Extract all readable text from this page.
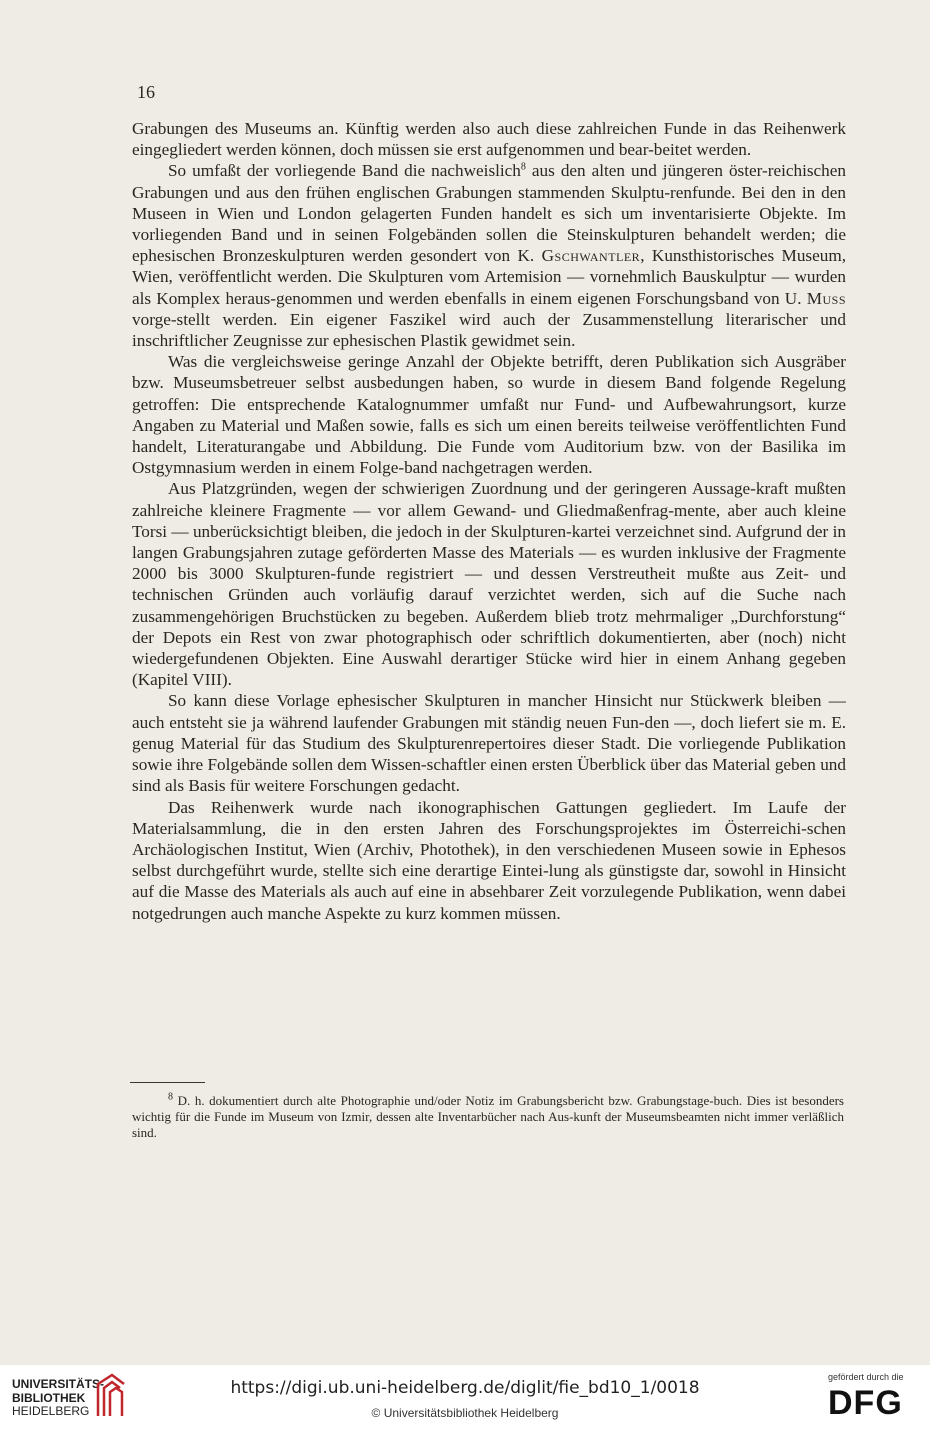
16

Grabungen des Museums an. Künftig werden also auch diese zahlreichen Funde in das Reihenwerk eingegliedert werden können, doch müssen sie erst aufgenommen und bear-beitet werden.

So umfaßt der vorliegende Band die nachweislich$^8$ aus den alten und jüngeren öster-reichischen Grabungen und aus den frühen englischen Grabungen stammenden Skulptu-renfunde. Bei den in den Museen in Wien und London gelagerten Funden handelt es sich um inventarisierte Objekte. Im vorliegenden Band und in seinen Folgebänden sollen die Steinskulpturen behandelt werden; die ephesischen Bronzeskulpturen werden gesondert von K. Gschwantler, Kunsthistorisches Museum, Wien, veröffentlicht werden. Die Skulpturen vom Artemision — vornehmlich Bauskulptur — wurden als Komplex heraus-genommen und werden ebenfalls in einem eigenen Forschungsband von U. Muss vorge-stellt werden. Ein eigener Faszikel wird auch der Zusammenstellung literarischer und inschriftlicher Zeugnisse zur ephesischen Plastik gewidmet sein.

Was die vergleichsweise geringe Anzahl der Objekte betrifft, deren Publikation sich Ausgräber bzw. Museumsbetreuer selbst ausbedungen haben, so wurde in diesem Band folgende Regelung getroffen: Die entsprechende Katalognummer umfaßt nur Fund- und Aufbewahrungsort, kurze Angaben zu Material und Maßen sowie, falls es sich um einen bereits teilweise veröffentlichten Fund handelt, Literaturangabe und Abbildung. Die Funde vom Auditorium bzw. von der Basilika im Ostgymnasium werden in einem Folge-band nachgetragen werden.

Aus Platzgründen, wegen der schwierigen Zuordnung und der geringeren Aussage-kraft mußten zahlreiche kleinere Fragmente — vor allem Gewand- und Gliedmaßenfrag-mente, aber auch kleine Torsi — unberücksichtigt bleiben, die jedoch in der Skulpturen-kartei verzeichnet sind. Aufgrund der in langen Grabungsjahren zutage geförderten Masse des Materials — es wurden inklusive der Fragmente 2000 bis 3000 Skulpturen-funde registriert — und dessen Verstreutheit mußte aus Zeit- und technischen Gründen auch vorläufig darauf verzichtet werden, sich auf die Suche nach zusammengehörigen Bruchstücken zu begeben. Außerdem blieb trotz mehrmaliger „Durchforstung“ der Depots ein Rest von zwar photographisch oder schriftlich dokumentierten, aber (noch) nicht wiedergefundenen Objekten. Eine Auswahl derartiger Stücke wird hier in einem Anhang gegeben (Kapitel VIII).

So kann diese Vorlage ephesischer Skulpturen in mancher Hinsicht nur Stückwerk bleiben — auch entsteht sie ja während laufender Grabungen mit ständig neuen Fun-den —, doch liefert sie m. E. genug Material für das Studium des Skulpturenrepertoires dieser Stadt. Die vorliegende Publikation sowie ihre Folgebände sollen dem Wissen-schaftler einen ersten Überblick über das Material geben und sind als Basis für weitere Forschungen gedacht.

Das Reihenwerk wurde nach ikonographischen Gattungen gegliedert. Im Laufe der Materialsammlung, die in den ersten Jahren des Forschungsprojektes im Österreichi-schen Archäologischen Institut, Wien (Archiv, Photothek), in den verschiedenen Museen sowie in Ephesos selbst durchgeführt wurde, stellte sich eine derartige Eintei-lung als günstigste dar, sowohl in Hinsicht auf die Masse des Materials als auch auf eine in absehbarer Zeit vorzulegende Publikation, wenn dabei notgedrungen auch manche Aspekte zu kurz kommen müssen.

$^8$ D. h. dokumentiert durch alte Photographie und/oder Notiz im Grabungsbericht bzw. Grabungstage-buch. Dies ist besonders wichtig für die Funde im Museum von Izmir, dessen alte Inventarbücher nach Aus-kunft der Museumsbeamten nicht immer verläßlich sind.

UNIVERSITÄTS-
BIBLIOTHEK
HEIDELBERG
https://digi.ub.uni-heidelberg.de/diglit/fie_bd10_1/0018
© Universitätsbibliothek Heidelberg
gefördert durch die
DFG
